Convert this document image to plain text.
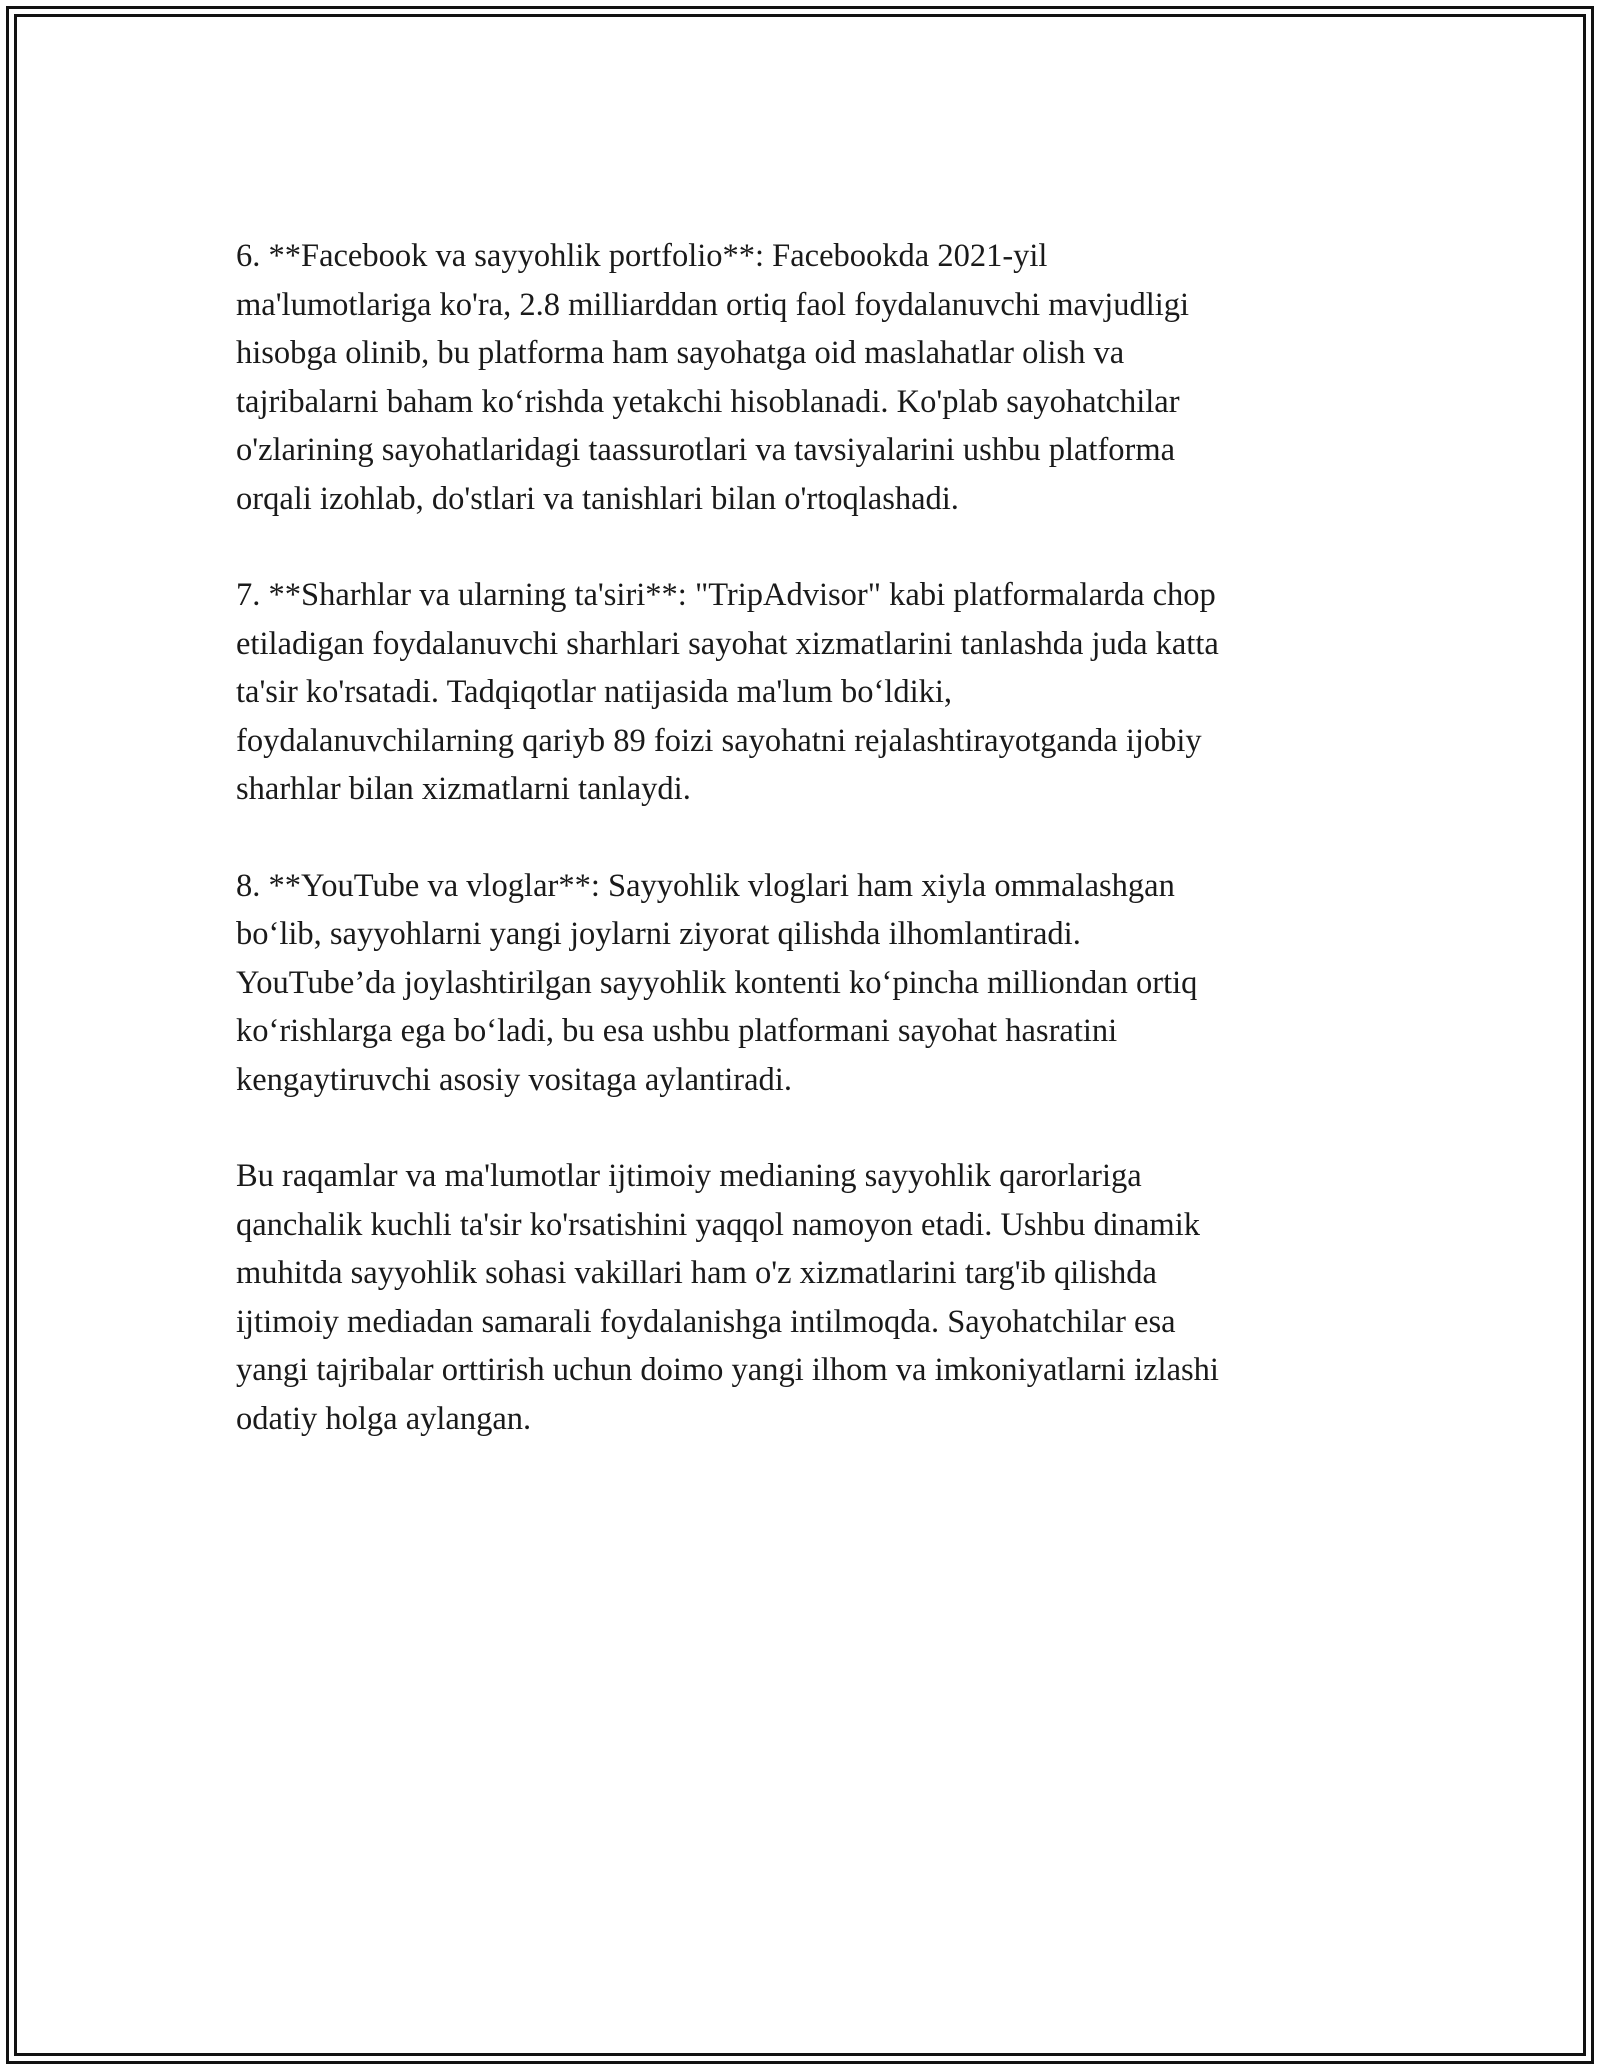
6. **Facebook va sayyohlik portfolio**: Facebookda 2021-yil
ma'lumotlariga ko'ra, 2.8 milliarddan ortiq faol foydalanuvchi mavjudligi
hisobga olinib, bu platforma ham sayohatga oid maslahatlar olish va
tajribalarni baham ko‘rishda yetakchi hisoblanadi. Ko'plab sayohatchilar
o'zlarining sayohatlaridagi taassurotlari va tavsiyalarini ushbu platforma
orqali izohlab, do'stlari va tanishlari bilan o'rtoqlashadi.

7. **Sharhlar va ularning ta'siri**: "TripAdvisor" kabi platformalarda chop
etiladigan foydalanuvchi sharhlari sayohat xizmatlarini tanlashda juda katta
ta'sir ko'rsatadi. Tadqiqotlar natijasida ma'lum bo‘ldiki,
foydalanuvchilarning qariyb 89 foizi sayohatni rejalashtirayotganda ijobiy
sharhlar bilan xizmatlarni tanlaydi.

8. **YouTube va vloglar**: Sayyohlik vloglari ham xiyla ommalashgan
bo‘lib, sayyohlarni yangi joylarni ziyorat qilishda ilhomlantiradi.
YouTube’da joylashtirilgan sayyohlik kontenti ko‘pincha milliondan ortiq
ko‘rishlarga ega bo‘ladi, bu esa ushbu platformani sayohat hasratini
kengaytiruvchi asosiy vositaga aylantiradi.

Bu raqamlar va ma'lumotlar ijtimoiy medianing sayyohlik qarorlariga
qanchalik kuchli ta'sir ko'rsatishini yaqqol namoyon etadi. Ushbu dinamik
muhitda sayyohlik sohasi vakillari ham o'z xizmatlarini targ'ib qilishda
ijtimoiy mediadan samarali foydalanishga intilmoqda. Sayohatchilar esa
yangi tajribalar orttirish uchun doimo yangi ilhom va imkoniyatlarni izlashi
odatiy holga aylangan.
